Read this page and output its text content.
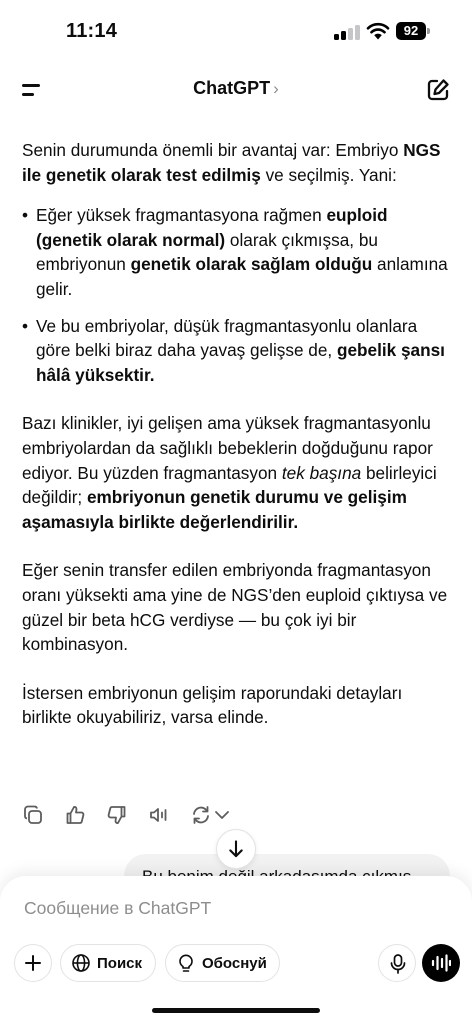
11:14	92
ChatGPT ›

Senin durumunda önemli bir avantaj var: Embriyo NGS ile genetik olarak test edilmiş ve seçilmiş. Yani:

• Eğer yüksek fragmantasyona rağmen euploid (genetik olarak normal) olarak çıkmışsa, bu embriyonun genetik olarak sağlam olduğu anlamına gelir.
• Ve bu embriyolar, düşük fragmantasyonlu olanlara göre belki biraz daha yavaş gelişse de, gebelik şansı hâlâ yüksektir.

Bazı klinikler, iyi gelişen ama yüksek fragmantasyonlu embriyolardan da sağlıklı bebeklerin doğduğunu rapor ediyor. Bu yüzden fragmantasyon tek başına belirleyici değildir; embriyonun genetik durumu ve gelişim aşamasıyla birlikte değerlendirilir.

Eğer senin transfer edilen embriyonda fragmantasyon oranı yüksekti ama yine de NGS’den euploid çıktıysa ve güzel bir beta hCG verdiyse — bu çok iyi bir kombinasyon.

İstersen embriyonun gelişim raporundaki detayları birlikte okuyabiliriz, varsa elinde.

Сообщение в ChatGPT
Поиск	Обоснуй
